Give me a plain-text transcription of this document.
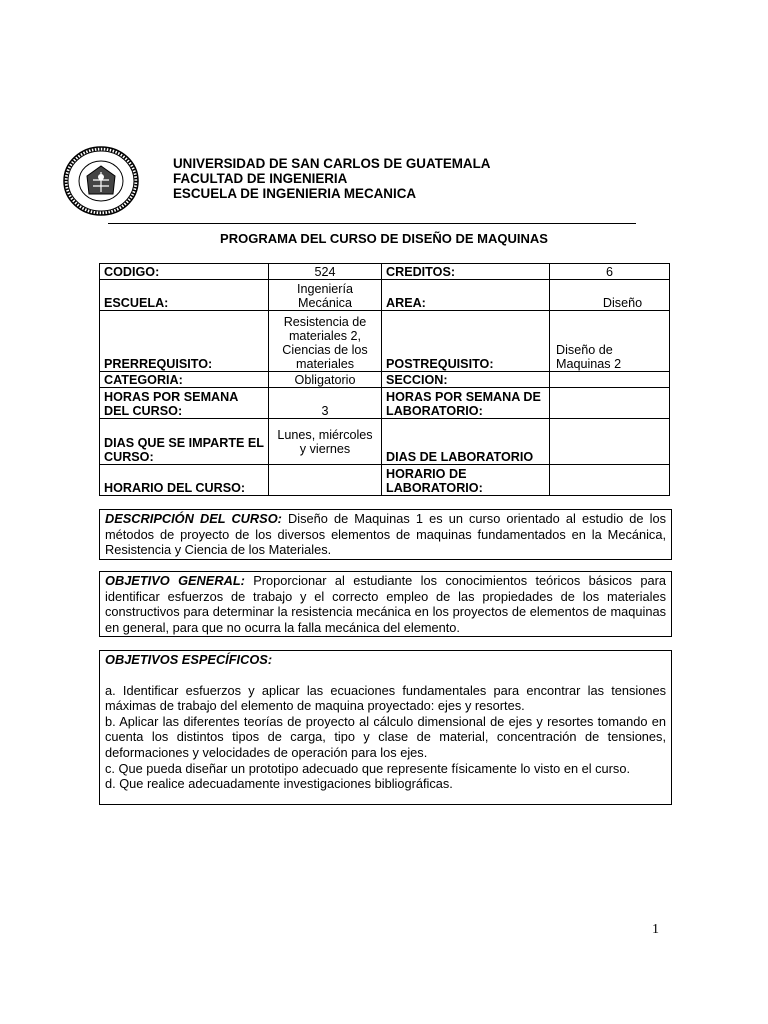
UNIVERSIDAD DE SAN CARLOS DE GUATEMALA
FACULTAD DE INGENIERIA
ESCUELA DE INGENIERIA MECANICA
PROGRAMA DEL CURSO DE DISEÑO DE MAQUINAS
CODIGO:	524	CREDITOS:	6
ESCUELA:	Ingeniería Mecánica	AREA:	Diseño
PRERREQUISITO:	Resistencia de materiales 2, Ciencias de los materiales	POSTREQUISITO:	Diseño de Maquinas 2
CATEGORIA:	Obligatorio	SECCION:	
HORAS POR SEMANA DEL CURSO:	3	HORAS POR SEMANA DE LABORATORIO:	
DIAS QUE SE IMPARTE EL CURSO:	Lunes, miércoles y viernes	DIAS DE LABORATORIO	
HORARIO DEL CURSO:		HORARIO DE LABORATORIO:	
DESCRIPCIÓN DEL CURSO: Diseño de Maquinas 1 es un curso orientado al estudio de los métodos de proyecto de los diversos elementos de maquinas fundamentados en la Mecánica, Resistencia y Ciencia de los Materiales.
OBJETIVO GENERAL: Proporcionar al estudiante los conocimientos teóricos básicos para identificar esfuerzos de trabajo y el correcto empleo de las propiedades de los materiales constructivos para determinar la resistencia mecánica en los proyectos de elementos de maquinas en general, para que no ocurra la falla mecánica del elemento.

OBJETIVOS ESPECÍFICOS:

a. Identificar esfuerzos y aplicar las ecuaciones fundamentales para encontrar las tensiones máximas de trabajo del elemento de maquina proyectado: ejes y resortes.

b. Aplicar las diferentes teorías de proyecto al cálculo dimensional de ejes y resortes tomando en cuenta los distintos tipos de carga, tipo y clase de material, concentración de tensiones, deformaciones y velocidades de operación para los ejes.

c. Que pueda diseñar un prototipo adecuado que represente físicamente lo visto en el curso.

d. Que realice adecuadamente investigaciones bibliográficas.

1
